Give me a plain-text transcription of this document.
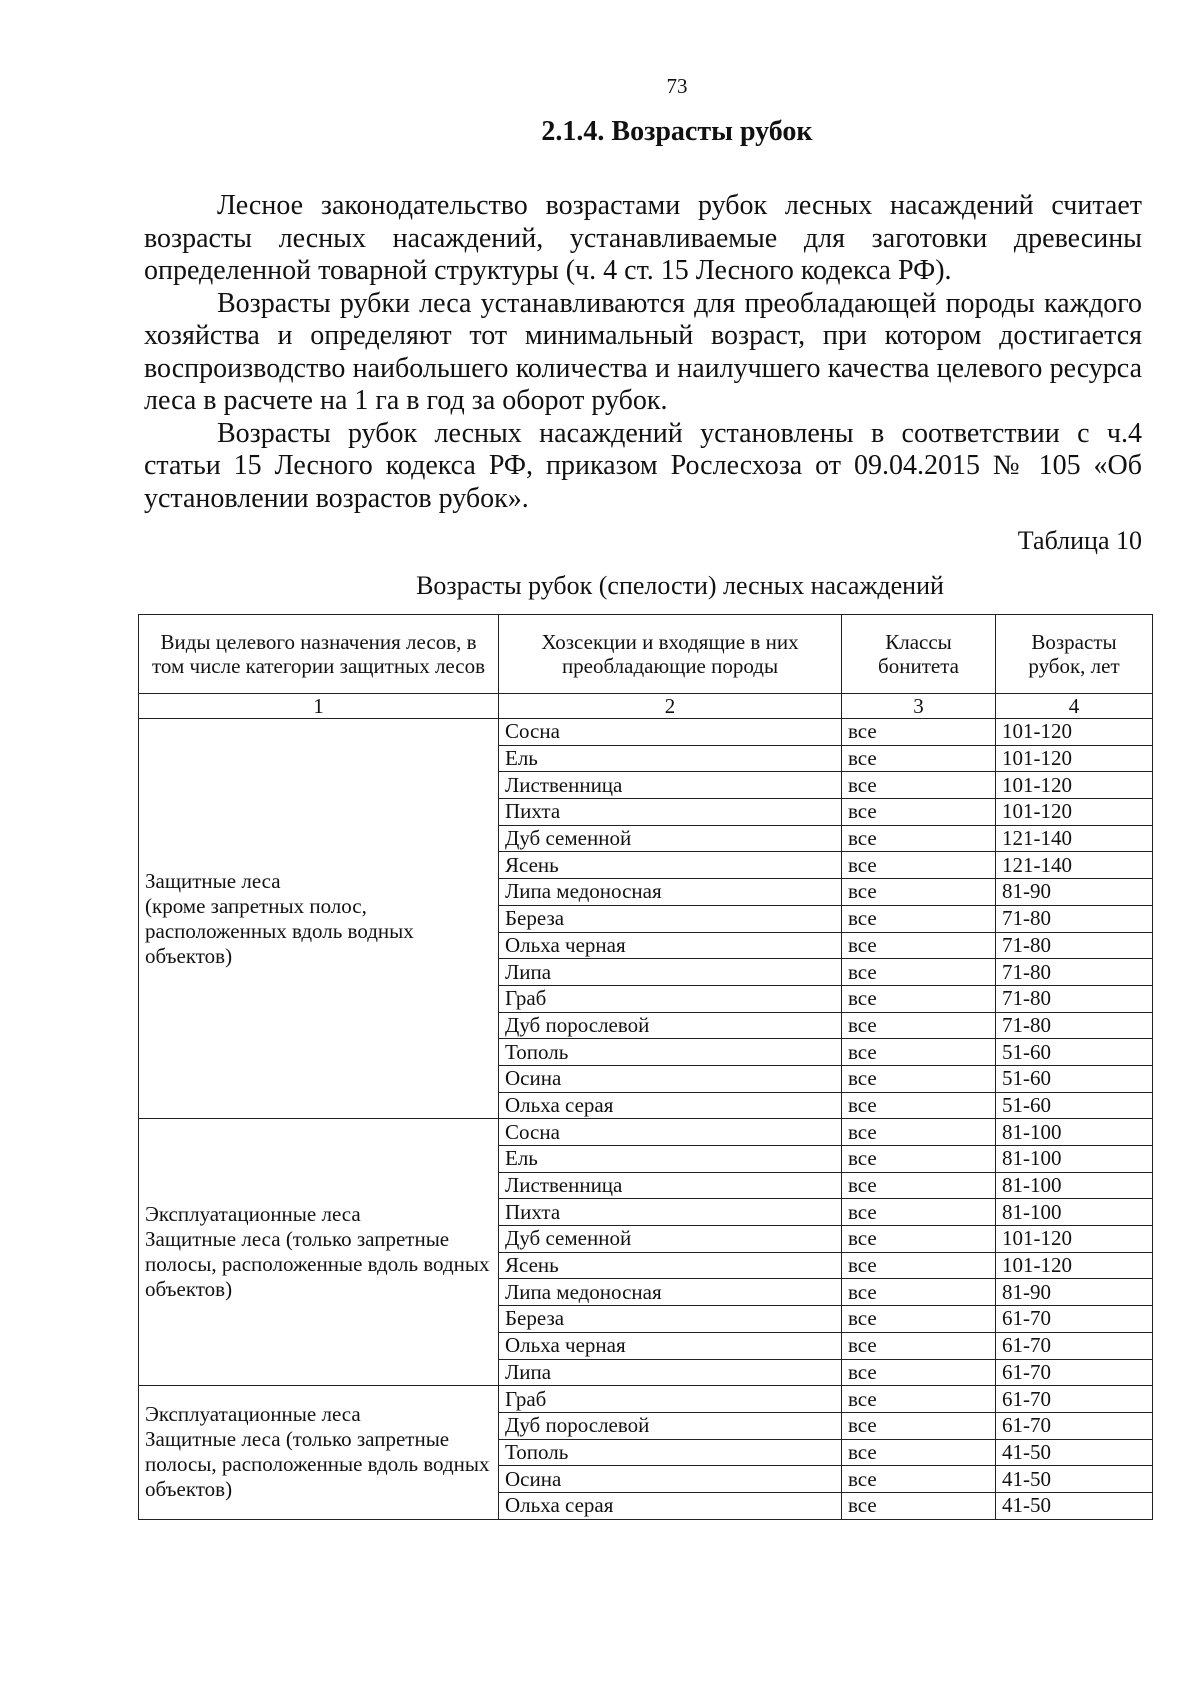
73
2.1.4. Возрасты рубок

Лесное законодательство возрастами рубок лесных насаждений считает возрасты лесных насаждений, устанавливаемые для заготовки древесины определенной товарной структуры (ч. 4 ст. 15 Лесного кодекса РФ).

Возрасты рубки леса устанавливаются для преобладающей породы каждого хозяйства и определяют тот минимальный возраст, при котором достигается воспроизводство наибольшего количества и наилучшего качества целевого ресурса леса в расчете на 1 га в год за оборот рубок.

Возрасты рубок лесных насаждений установлены в соответствии с ч.4 статьи 15 Лесного кодекса РФ, приказом Рослесхоза от 09.04.2015 № 105 «Об установлении возрастов рубок».

Таблица 10
Возрасты рубок (спелости) лесных насаждений
Виды целевого назначения лесов, в том числе категории защитных лесов	Хозсекции и входящие в них преобладающие породы	Классы бонитета	Возрасты рубок, лет
1	2	3	4

Защитные леса
(кроме запретных полос, расположенных вдоль водных объектов)	Сосна	все	101-120
	Ель	все	101-120
	Лиственница	все	101-120
	Пихта	все	101-120
	Дуб семенной	все	121-140
	Ясень	все	121-140
	Липа медоносная	все	81-90
	Береза	все	71-80
	Ольха черная	все	71-80
	Липа	все	71-80
	Граб	все	71-80
	Дуб порослевой	все	71-80
	Тополь	все	51-60
	Осина	все	51-60
	Ольха серая	все	51-60

Эксплуатационные леса
Защитные леса (только запретные полосы, расположенные вдоль водных объектов)	Сосна	все	81-100
	Ель	все	81-100
	Лиственница	все	81-100
	Пихта	все	81-100
	Дуб семенной	все	101-120
	Ясень	все	101-120
	Липа медоносная	все	81-90
	Береза	все	61-70
	Ольха черная	все	61-70
	Липа	все	61-70

Эксплуатационные леса
Защитные леса (только запретные полосы, расположенные вдоль водных объектов)	Граб	все	61-70
	Дуб порослевой	все	61-70
	Тополь	все	41-50
	Осина	все	41-50
	Ольха серая	все	41-50
